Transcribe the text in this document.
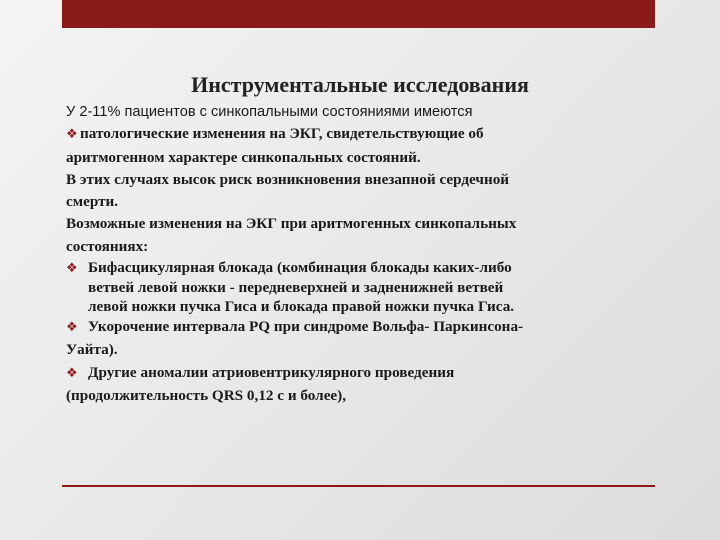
Инструментальные исследования
У 2-11% пациентов с синкопальными состояниями имеются
❖ патологические изменения на ЭКГ, свидетельствующие об
аритмогенном характере синкопальных состояний.
В этих случаях высок риск возникновения внезапной сердечной
смерти.
Возможные изменения на ЭКГ при аритмогенных синкопальных
состояниях:
❖ Бифасцикулярная блокада (комбинация блокады каких-либо
ветвей левой ножки - передневерхней и задненижней ветвей
левой ножки пучка Гиса и блокада правой ножки пучка Гиса.
❖ Укорочение интервала PQ при синдроме Вольфа- Паркинсона-
Уайта).
❖ Другие аномалии атриовентрикулярного проведения
(продолжительность QRS 0,12 с и более),
